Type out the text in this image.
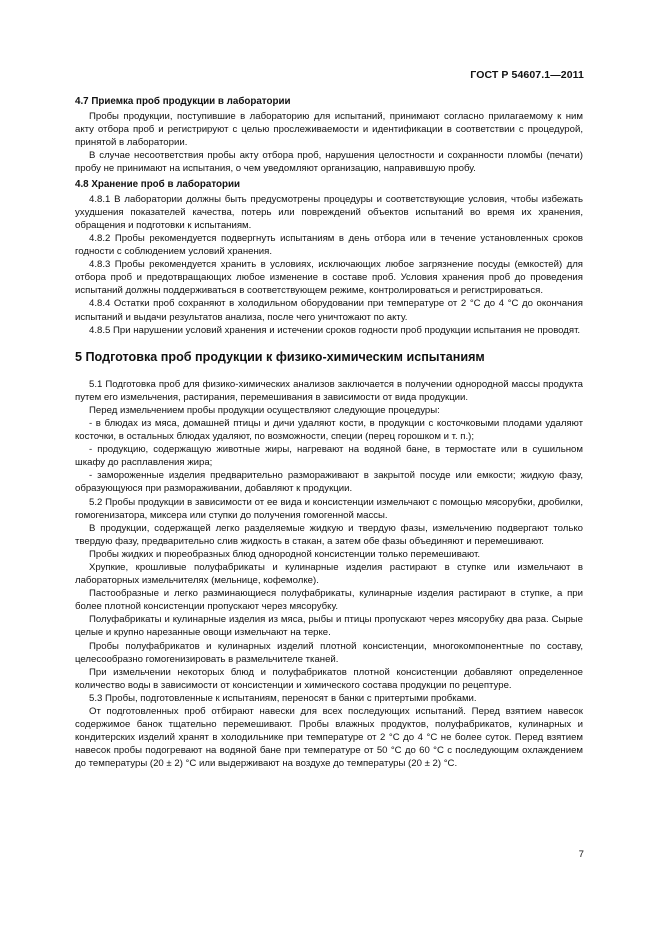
ГОСТ Р 54607.1—2011
4.7 Приемка проб продукции в лаборатории

Пробы продукции, поступившие в лабораторию для испытаний, принимают согласно прилагаемому к ним акту отбора проб и регистрируют с целью прослеживаемости и идентификации в соответствии с процедурой, принятой в лаборатории.

В случае несоответствия пробы акту отбора проб, нарушения целостности и сохранности пломбы (печати) пробу не принимают на испытания, о чем уведомляют организацию, направившую пробу.

4.8 Хранение проб в лаборатории

4.8.1 В лаборатории должны быть предусмотрены процедуры и соответствующие условия, чтобы избежать ухудшения показателей качества, потерь или повреждений объектов испытаний во время их хранения, обращения и подготовки к испытаниям.

4.8.2 Пробы рекомендуется подвергнуть испытаниям в день отбора или в течение установленных сроков годности с соблюдением условий хранения.

4.8.3 Пробы рекомендуется хранить в условиях, исключающих любое загрязнение посуды (емкостей) для отбора проб и предотвращающих любое изменение в составе проб. Условия хранения проб до проведения испытаний должны поддерживаться в соответствующем режиме, контролироваться и регистрироваться.

4.8.4 Остатки проб сохраняют в холодильном оборудовании при температуре от 2 °С до 4 °С до окончания испытаний и выдачи результатов анализа, после чего уничтожают по акту.

4.8.5 При нарушении условий хранения и истечении сроков годности проб продукции испытания не проводят.

5 Подготовка проб продукции к физико-химическим испытаниям

5.1 Подготовка проб для физико-химических анализов заключается в получении однородной массы продукта путем его измельчения, растирания, перемешивания в зависимости от вида продукции.

Перед измельчением пробы продукции осуществляют следующие процедуры:

- в блюдах из мяса, домашней птицы и дичи удаляют кости, в продукции с косточковыми плодами удаляют косточки, в остальных блюдах удаляют, по возможности, специи (перец горошком и т. п.);

- продукцию, содержащую животные жиры, нагревают на водяной бане, в термостате или в сушильном шкафу до расплавления жира;

- замороженные изделия предварительно размораживают в закрытой посуде или емкости; жидкую фазу, образующуюся при размораживании, добавляют к продукции.

5.2 Пробы продукции в зависимости от ее вида и консистенции измельчают с помощью мясорубки, дробилки, гомогенизатора, миксера или ступки до получения гомогенной массы.

В продукции, содержащей легко разделяемые жидкую и твердую фазы, измельчению подвергают только твердую фазу, предварительно слив жидкость в стакан, а затем обе фазы объединяют и перемешивают.

Пробы жидких и пюреобразных блюд однородной консистенции только перемешивают.

Хрупкие, крошливые полуфабрикаты и кулинарные изделия растирают в ступке или измельчают в лабораторных измельчителях (мельнице, кофемолке).

Пастообразные и легко разминающиеся полуфабрикаты, кулинарные изделия растирают в ступке, а при более плотной консистенции пропускают через мясорубку.

Полуфабрикаты и кулинарные изделия из мяса, рыбы и птицы пропускают через мясорубку два раза. Сырые целые и крупно нарезанные овощи измельчают на терке.

Пробы полуфабрикатов и кулинарных изделий плотной консистенции, многокомпонентные по составу, целесообразно гомогенизировать в размельчителе тканей.

При измельчении некоторых блюд и полуфабрикатов плотной консистенции добавляют определенное количество воды в зависимости от консистенции и химического состава продукции по рецептуре.

5.3 Пробы, подготовленные к испытаниям, переносят в банки с притертыми пробками.

От подготовленных проб отбирают навески для всех последующих испытаний. Перед взятием навесок содержимое банок тщательно перемешивают. Пробы влажных продуктов, полуфабрикатов, кулинарных и кондитерских изделий хранят в холодильнике при температуре от 2 °С до 4 °С не более суток. Перед взятием навесок пробы подогревают на водяной бане при температуре от 50 °С до 60 °С с последующим охлаждением до температуры (20 ± 2) °С или выдерживают на воздухе до температуры (20 ± 2) °С.

7
